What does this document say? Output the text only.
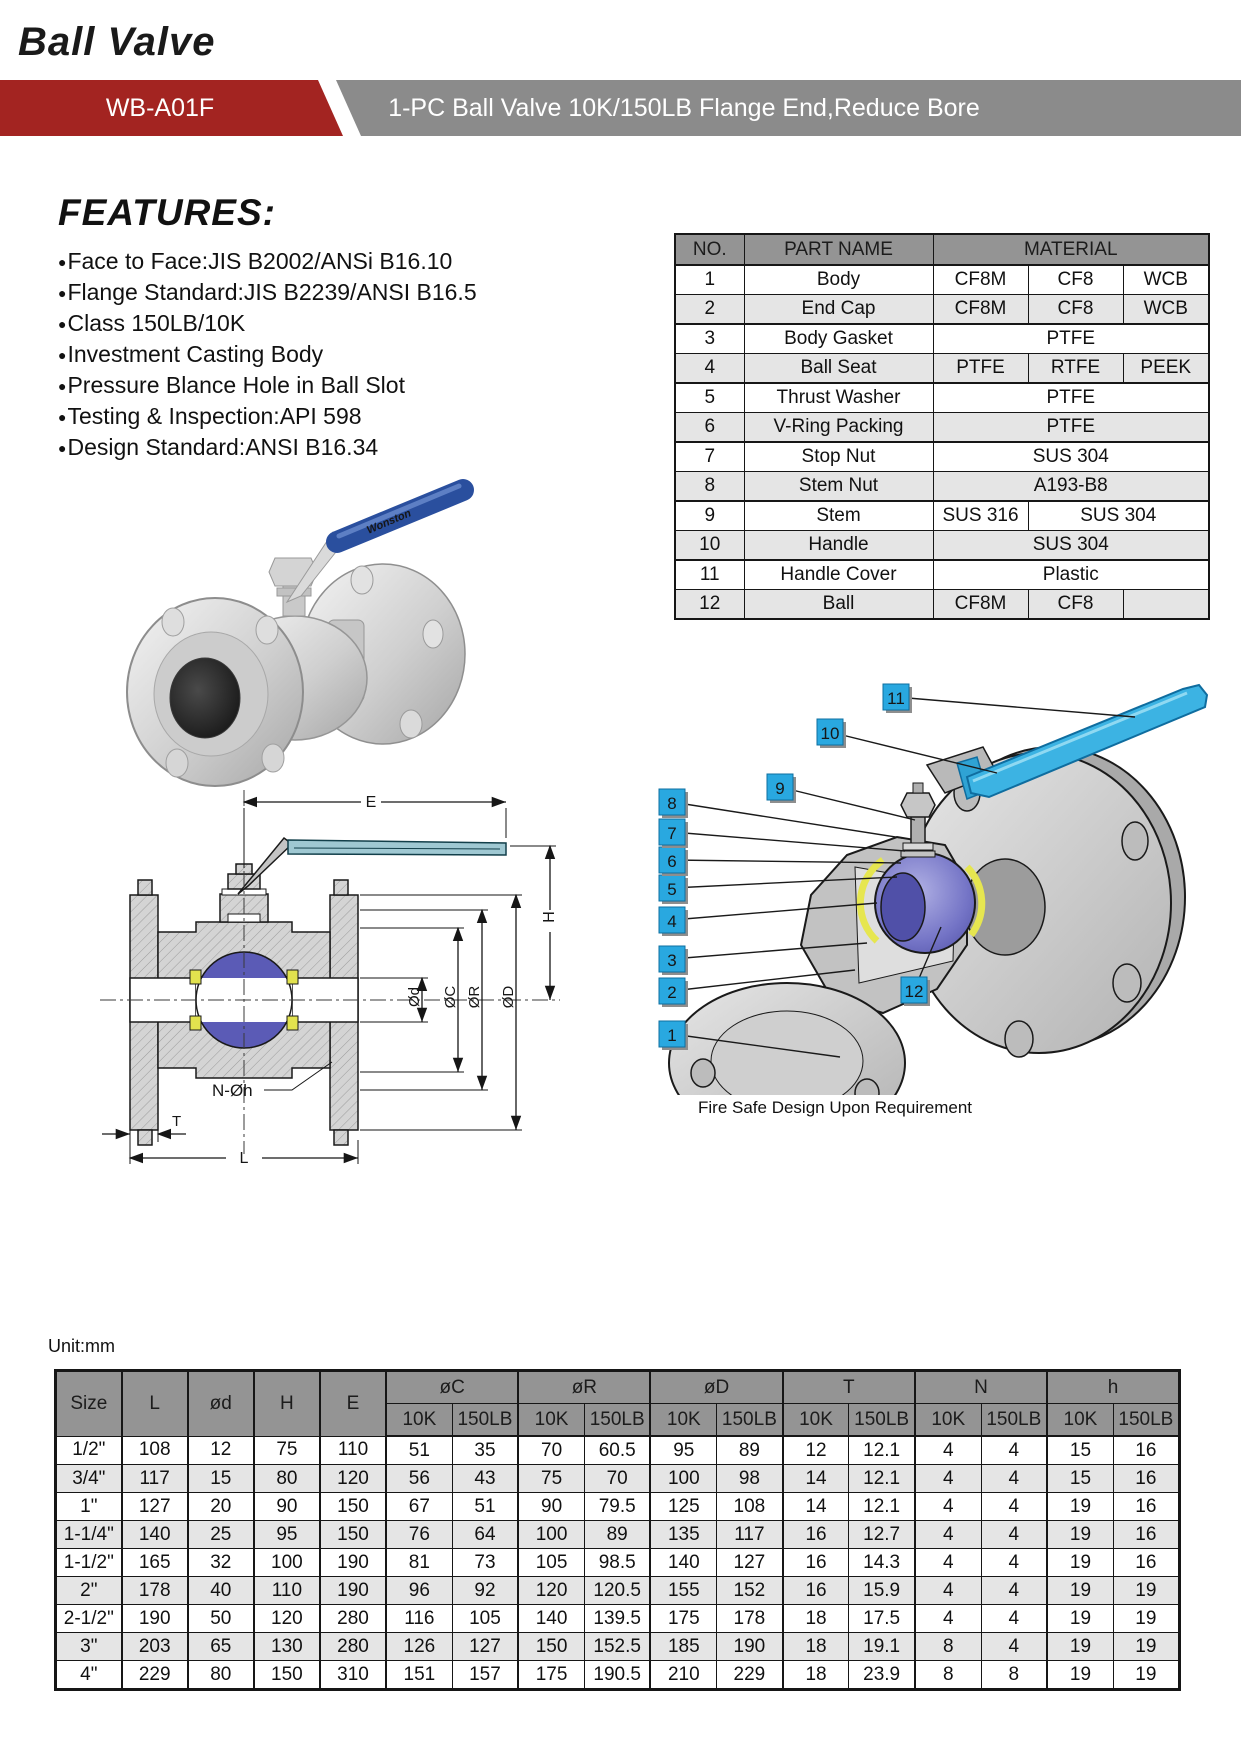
Ball Valve
WB-A01F	1-PC Ball Valve 10K/150LB Flange End,Reduce Bore
FEATURES:
●Face to Face:JIS B2002/ANSi B16.10
●Flange Standard:JIS B2239/ANSI B16.5
●Class 150LB/10K
●Investment Casting Body
●Pressure Blance Hole in Ball Slot
●Testing & Inspection:API 598
●Design Standard:ANSI B16.34
NO.	PART NAME	MATERIAL		
1	Body	CF8M	CF8	WCB
2	End Cap	CF8M	CF8	WCB
3	Body Gasket	PTFE		
4	Ball Seat	PTFE	RTFE	PEEK
5	Thrust Washer	PTFE		
6	V-Ring Packing	PTFE		
7	Stop Nut	SUS 304		
8	Stem Nut	A193-B8		
9	Stem	SUS 316	SUS 304	
10	Handle	SUS 304		
11	Handle Cover	Plastic		
12	Ball	CF8M	CF8	
Wonston
E
H
Ød ØC ØR ØD
T
L
N-Øh
1
2
3
4
5
6
7
8
9
10
11
12
Fire Safe Design Upon Requirement
Unit:mm
Size	L	ød	H	E	øC		øR		øD		T		N		h	
					10K	150LB	10K	150LB	10K	150LB	10K	150LB	10K	150LB	10K	150LB
1/2"	108	12	75	110	51	35	70	60.5	95	89	12	12.1	4	4	15	16
3/4"	117	15	80	120	56	43	75	70	100	98	14	12.1	4	4	15	16
1"	127	20	90	150	67	51	90	79.5	125	108	14	12.1	4	4	19	16
1-1/4"	140	25	95	150	76	64	100	89	135	117	16	12.7	4	4	19	16
1-1/2"	165	32	100	190	81	73	105	98.5	140	127	16	14.3	4	4	19	16
2"	178	40	110	190	96	92	120	120.5	155	152	16	15.9	4	4	19	19
2-1/2"	190	50	120	280	116	105	140	139.5	175	178	18	17.5	4	4	19	19
3"	203	65	130	280	126	127	150	152.5	185	190	18	19.1	8	4	19	19
4"	229	80	150	310	151	157	175	190.5	210	229	18	23.9	8	8	19	19
